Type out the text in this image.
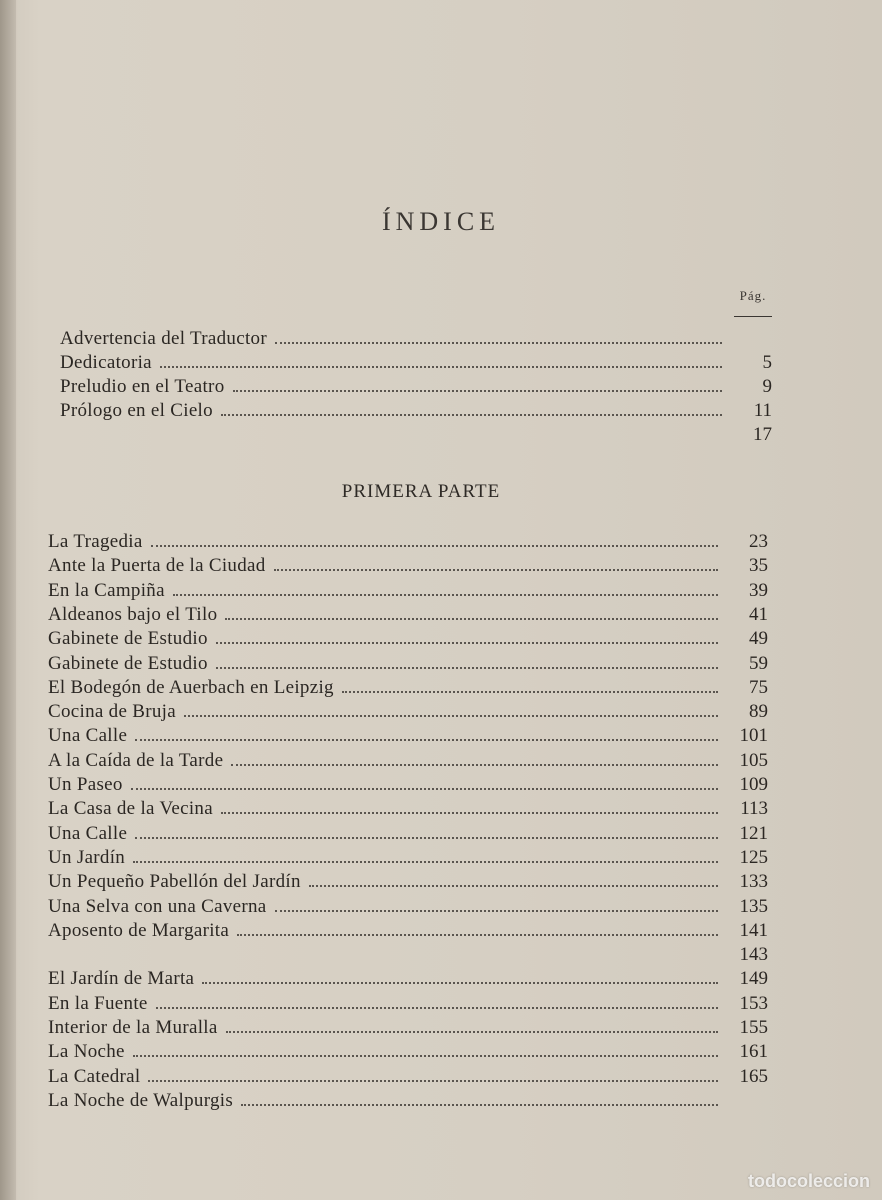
ÍNDICE
Pág.
PRIMERA PARTE
Advertencia del Traductor
Dedicatoria	5
Preludio en el Teatro	9
Prólogo en el Cielo	11
17
La Tragedia	23
Ante la Puerta de la Ciudad	35
En la Campiña	39
Aldeanos bajo el Tilo	41
Gabinete de Estudio	49
Gabinete de Estudio	59
El Bodegón de Auerbach en Leipzig	75
Cocina de Bruja	89
Una Calle	101
A la Caída de la Tarde	105
Un Paseo	109
La Casa de la Vecina	113
Una Calle	121
Un Jardín	125
Un Pequeño Pabellón del Jardín	133
Una Selva con una Caverna	135
Aposento de Margarita	141
143
El Jardín de Marta	149
En la Fuente	153
Interior de la Muralla	155
La Noche	161
La Catedral	165
La Noche de Walpurgis
todocoleccion
